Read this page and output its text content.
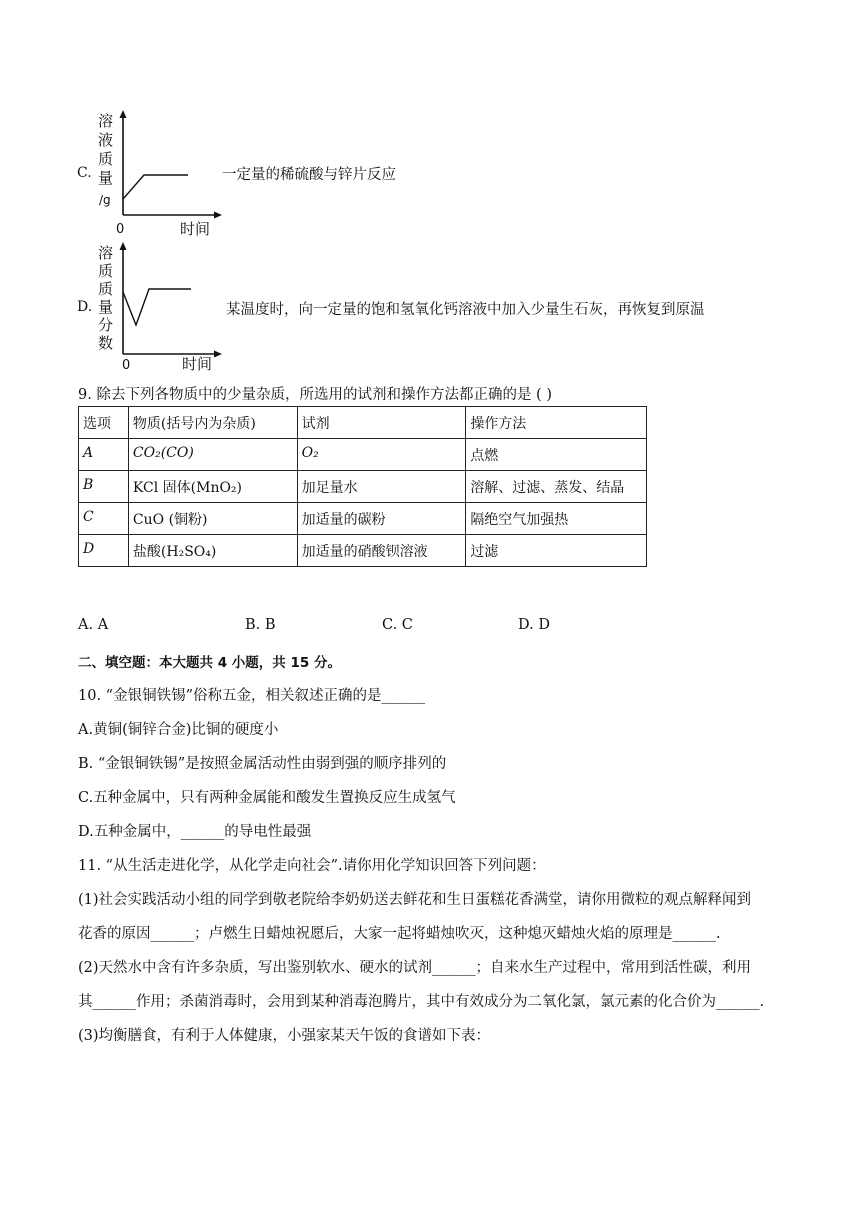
C.
溶
液
质
量
/g
0	时间
一定量的稀硫酸与锌片反应
D.
溶
质
质
量
分
数
0	时间
某温度时，向一定量的饱和氢氧化钙溶液中加入少量生石灰，再恢复到原温
9. 除去下列各物质中的少量杂质，所选用的试剂和操作方法都正确的是 ( )
选项	物质(括号内为杂质)	试剂	操作方法
A	CO₂(CO)	O₂	点燃
B	KCl 固体(MnO₂)	加足量水	溶解、过滤、蒸发、结晶
C	CuO (铜粉)	加适量的碳粉	隔绝空气加强热
D	盐酸(H₂SO₄)	加适量的硝酸钡溶液	过滤
A. A	B. B	C. C	D. D
二、填空题：本大题共 4 小题，共 15 分。
10. “金银铜铁锡”俗称五金，相关叙述正确的是______
A.黄铜(铜锌合金)比铜的硬度小
B. “金银铜铁锡”是按照金属活动性由弱到强的顺序排列的
C.五种金属中，只有两种金属能和酸发生置换反应生成氢气
D.五种金属中，______的导电性最强
11. “从生活走进化学，从化学走向社会”.请你用化学知识回答下列问题：
(1)社会实践活动小组的同学到敬老院给李奶奶送去鲜花和生日蛋糕花香满堂，请你用微粒的观点解释闻到
花香的原因______；卢燃生日蜡烛祝愿后，大家一起将蜡烛吹灭，这种熄灭蜡烛火焰的原理是______.
(2)天然水中含有许多杂质，写出鉴别软水、硬水的试剂______；自来水生产过程中，常用到活性碳，利用
其______作用；杀菌消毒时，会用到某种消毒泡腾片，其中有效成分为二氧化氯，氯元素的化合价为______.
(3)均衡膳食，有利于人体健康，小强家某天午饭的食谱如下表：
